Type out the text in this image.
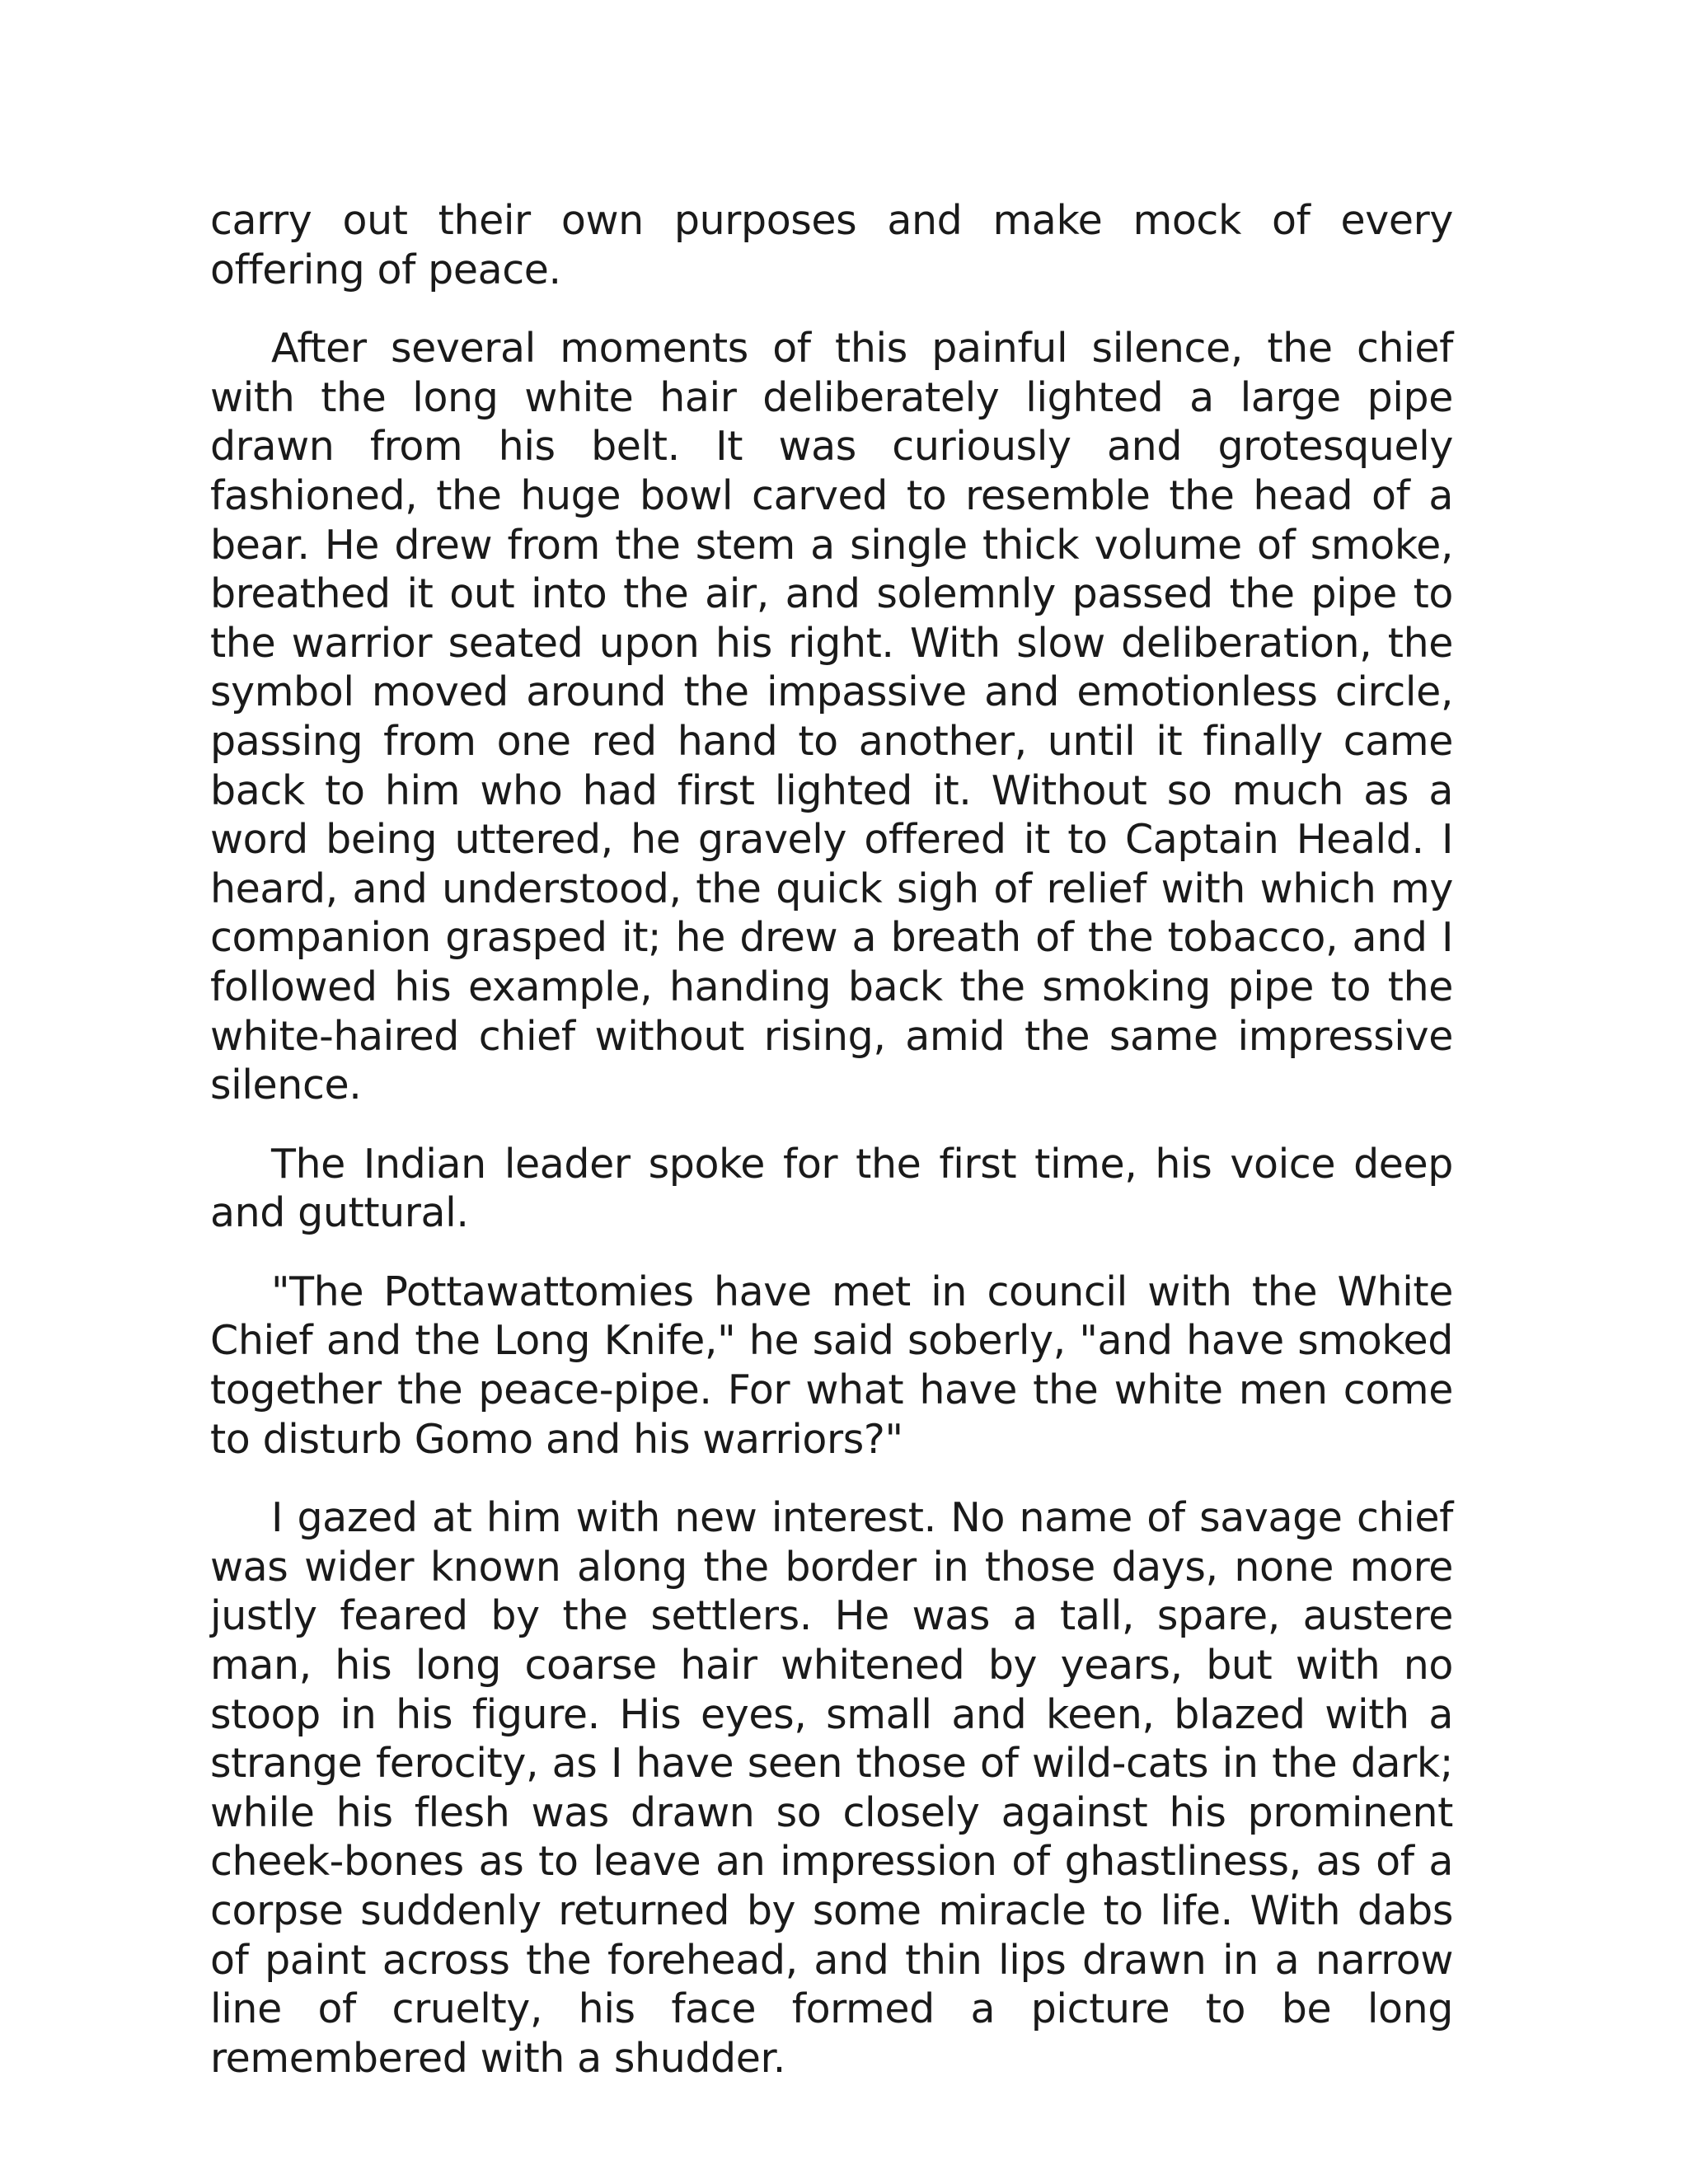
carry out their own purposes and make mock of every offering of peace.

After several moments of this painful silence, the chief with the long white hair deliberately lighted a large pipe drawn from his belt. It was curiously and grotesquely fashioned, the huge bowl carved to resemble the head of a bear. He drew from the stem a single thick volume of smoke, breathed it out into the air, and solemnly passed the pipe to the warrior seated upon his right. With slow deliberation, the symbol moved around the impassive and emotionless circle, passing from one red hand to another, until it finally came back to him who had first lighted it. Without so much as a word being uttered, he gravely offered it to Captain Heald. I heard, and understood, the quick sigh of relief with which my companion grasped it; he drew a breath of the tobacco, and I followed his example, handing back the smoking pipe to the white-haired chief without rising, amid the same impressive silence.

The Indian leader spoke for the first time, his voice deep and guttural.

"The Pottawattomies have met in council with the White Chief and the Long Knife," he said soberly, "and have smoked together the peace-pipe. For what have the white men come to disturb Gomo and his warriors?"

I gazed at him with new interest. No name of savage chief was wider known along the border in those days, none more justly feared by the settlers. He was a tall, spare, austere man, his long coarse hair whitened by years, but with no stoop in his figure. His eyes, small and keen, blazed with a strange ferocity, as I have seen those of wild-cats in the dark; while his flesh was drawn so closely against his prominent cheek-bones as to leave an impression of ghastliness, as of a corpse suddenly returned by some miracle to life. With dabs of paint across the forehead, and thin lips drawn in a narrow line of cruelty, his face formed a picture to be long remembered with a shudder.
